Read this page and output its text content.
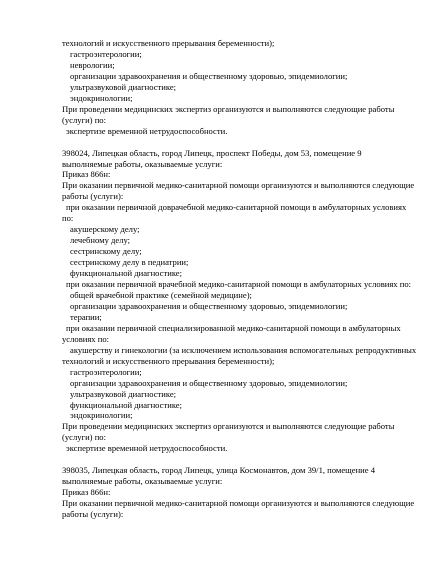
технологий и искусственного прерывания беременности);
гастроэнтерологии;
неврологии;
организации здравоохранения и общественному здоровью, эпидемиологии;
ультразвуковой диагностике;
эндокринологии;
При проведении медицинских экспертиз организуются и выполняются следующие работы
(услуги) по:
экспертизе временной нетрудоспособности.
398024, Липецкая область, город Липецк, проспект Победы, дом 53, помещение 9
выполняемые работы, оказываемые услуги:
Приказ 866н:
При оказании первичной медико-санитарной помощи организуются и выполняются следующие
работы (услуги):
при оказании первичной доврачебной медико-санитарной помощи в амбулаторных условиях
по:
акушерскому делу;
лечебному делу;
сестринскому делу;
сестринскому делу в педиатрии;
функциональной диагностике;
при оказании первичной врачебной медико-санитарной помощи в амбулаторных условиях по:
общей врачебной практике (семейной медицине);
организации здравоохранения и общественному здоровью, эпидемиологии;
терапии;
при оказании первичной специализированной медико-санитарной помощи в амбулаторных
условиях по:
акушерству и гинекологии (за исключением использования вспомогательных репродуктивных
технологий и искусственного прерывания беременности);
гастроэнтерологии;
организации здравоохранения и общественному здоровью, эпидемиологии;
ультразвуковой диагностике;
функциональной диагностике;
эндокринологии;
При проведении медицинских экспертиз организуются и выполняются следующие работы
(услуги) по:
экспертизе временной нетрудоспособности.
398035, Липецкая область, город Липецк, улица Космонавтов, дом 39/1, помещение 4
выполняемые работы, оказываемые услуги:
Приказ 866н:
При оказании первичной медико-санитарной помощи организуются и выполняются следующие
работы (услуги):
